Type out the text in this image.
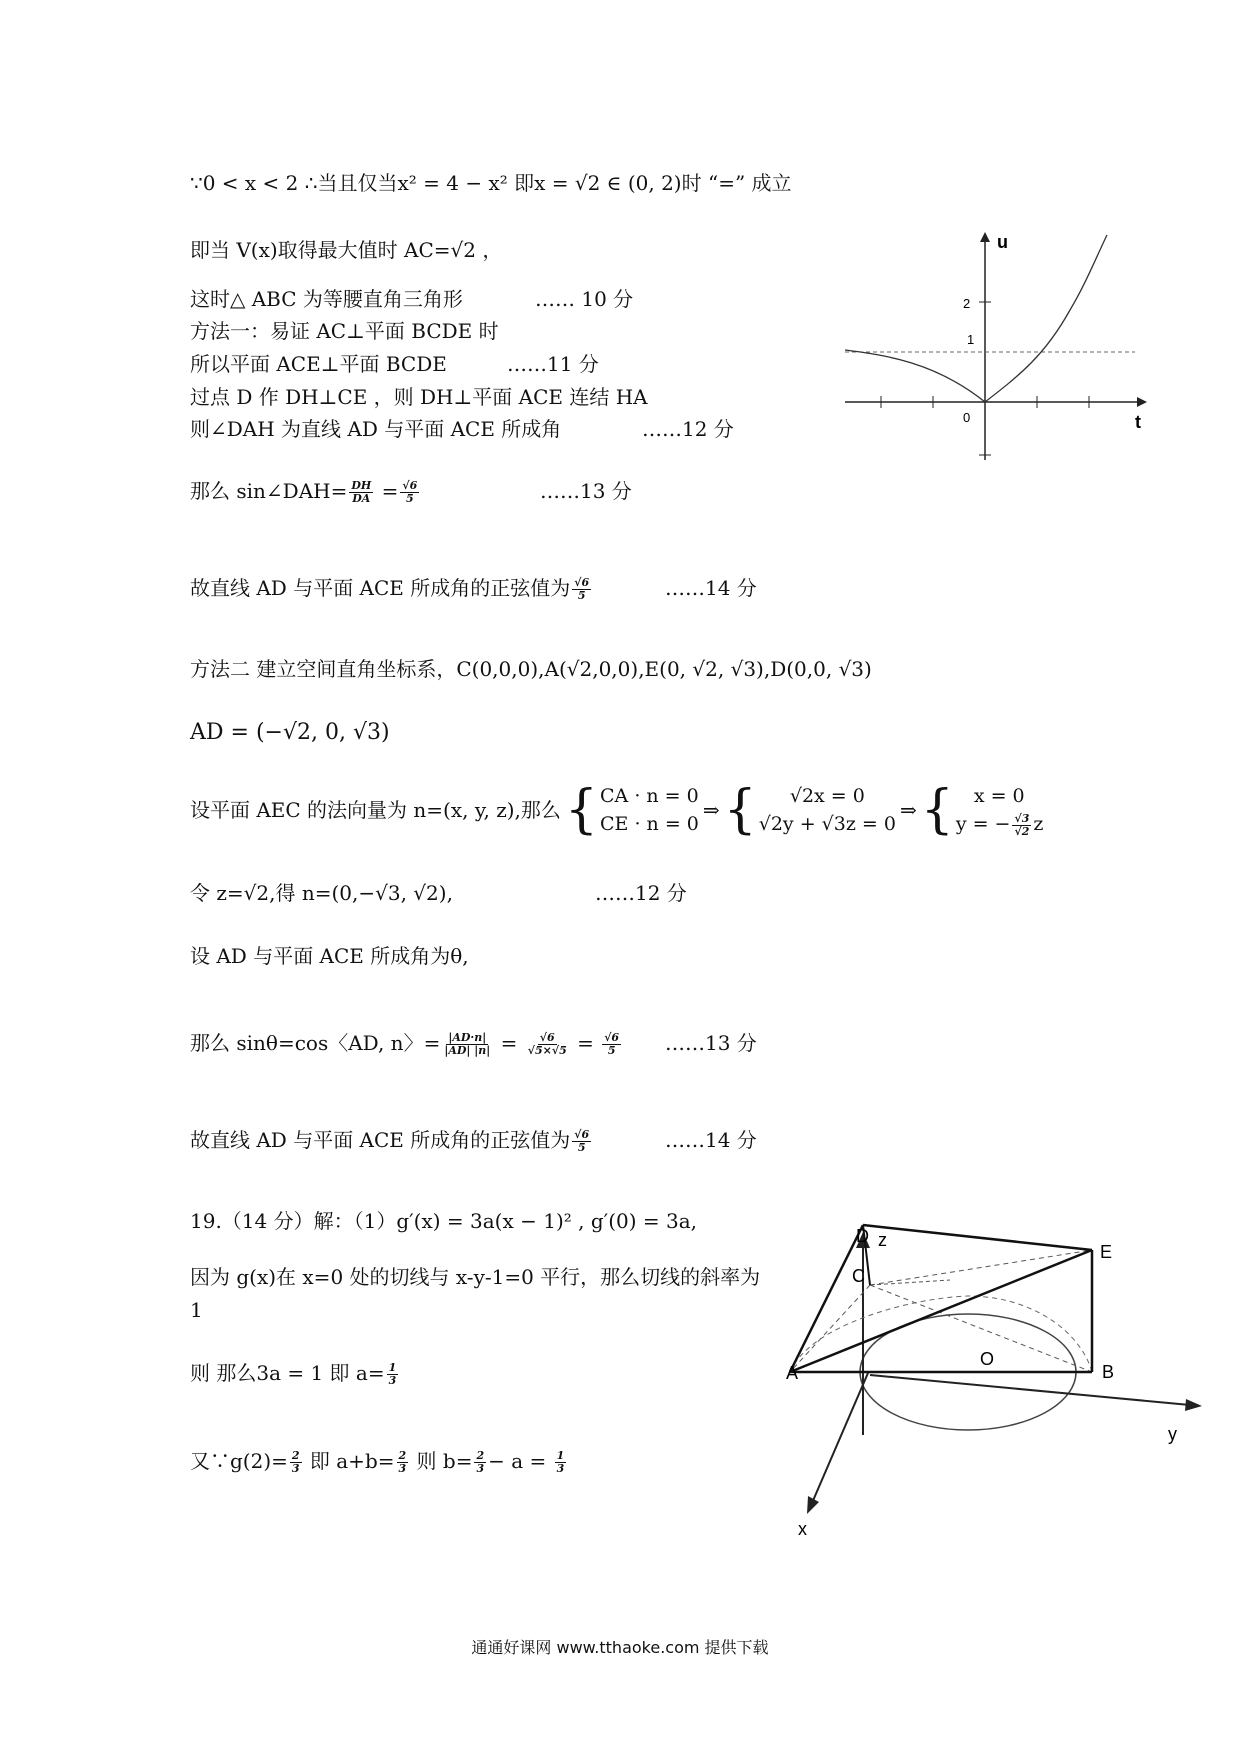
∵0 < x < 2 ∴当且仅当x² = 4 − x² 即x = √2 ∈ (0, 2)时 “=” 成立
即当 V(x)取得最大值时 AC=√2 ，
这时△ ABC 为等腰直角三角形	…… 10 分
方法一：易证 AC⊥平面 BCDE 时
所以平面 ACE⊥平面 BCDE	……11 分
过点 D 作 DH⊥CE ，则 DH⊥平面 ACE 连结 HA
则∠DAH 为直线 AD 与平面 ACE 所成角	……12 分
那么 sin∠DAH= $\frac{DH}{DA} = \frac{√6}{5}$	……13 分
故直线 AD 与平面 ACE 所成角的正弦值为 $\frac{√6}{5}$	……14 分
方法二 建立空间直角坐标系，C(0,0,0),A(√2,0,0),E(0, √2, √3),D(0,0, √3)
AD = (−√2, 0, √3)
设平面 AEC 的法向量为 n=(x, y, z),那么 { CA · n = 0
CE · n = 0
⇒ { √2x = 0
√2y + √3z = 0
⇒ {	x = 0
y = − $\frac{√3}{√2}$ z
令 z=√2,得 n=(0,−√3, √2),	……12 分
设 AD 与平面 ACE 所成角为θ,
那么 sinθ=cos〈AD, n〉= $\frac{|AD\cdot n|}{|AD| |n|} = \frac{√6}{√5\times√5} = \frac{√6}{5}$ ……13 分
故直线 AD 与平面 ACE 所成角的正弦值为 $\frac{√6}{5}$	……14 分
19.（14 分）解：（1）g′(x) = 3a(x − 1)² , g′(0) = 3a,
因为 g(x)在 x=0 处的切线与 x-y-1=0 平行，那么切线的斜率为
1
则 那么3a = 1 即 $a= \frac{1}{3}$
又∵g(2)= $\frac{2}{3}$ 即 $a+b= \frac{2}{3}$ 则 $b= \frac{2}{3} - a = \frac{1}{3}$
t
u
2
1
0
z
D
E
C
A
O
B
y
x
通通好课网 www.tthaoke.com 提供下载
